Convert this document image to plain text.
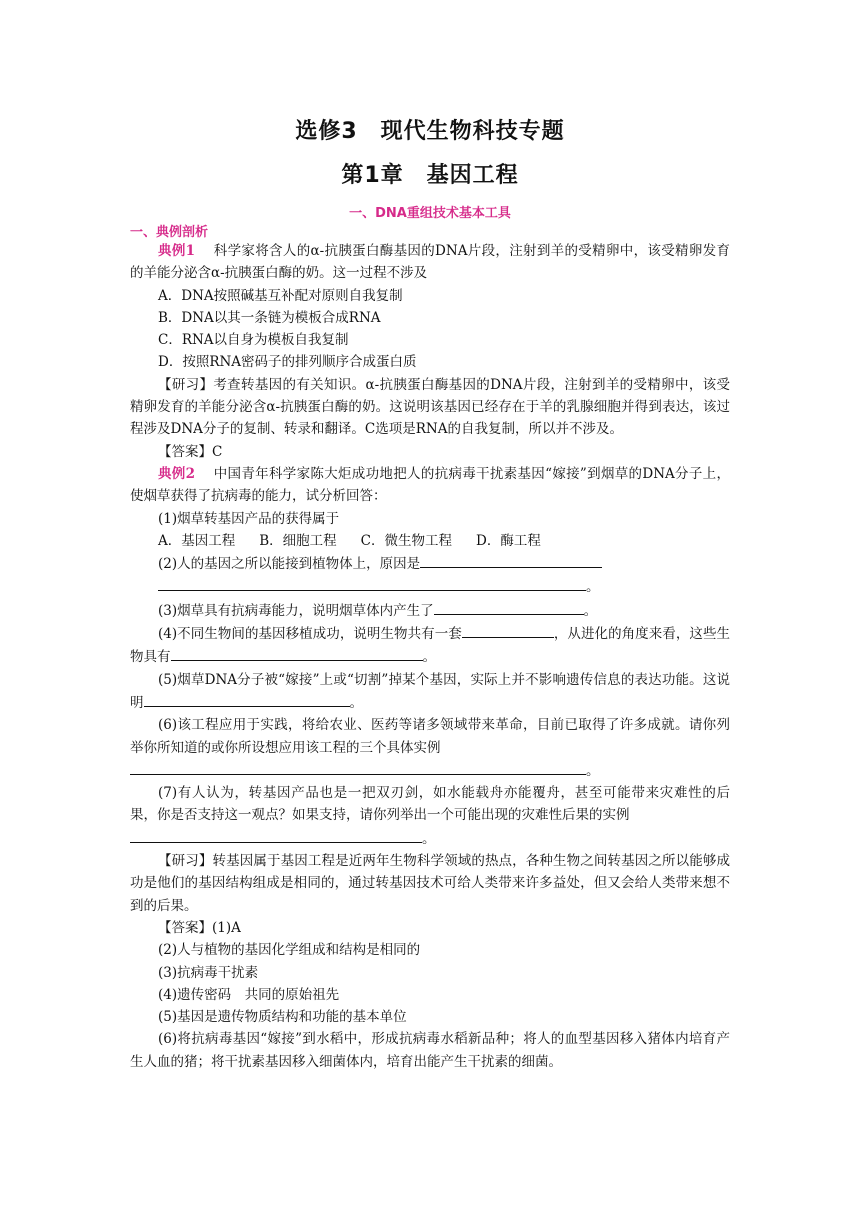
选修3　现代生物科技专题
第1章　基因工程
一、DNA重组技术基本工具
一、典例剖析

典例1　 科学家将含人的α-抗胰蛋白酶基因的DNA片段，注射到羊的受精卵中，该受精卵发育的羊能分泌含α-抗胰蛋白酶的奶。这一过程不涉及

A．DNA按照碱基互补配对原则自我复制

B．DNA以其一条链为模板合成RNA

C．RNA以自身为模板自我复制

D．按照RNA密码子的排列顺序合成蛋白质

【研习】考查转基因的有关知识。α-抗胰蛋白酶基因的DNA片段，注射到羊的受精卵中，该受精卵发育的羊能分泌含α-抗胰蛋白酶的奶。这说明该基因已经存在于羊的乳腺细胞并得到表达，该过程涉及DNA分子的复制、转录和翻译。C选项是RNA的自我复制，所以并不涉及。

【答案】C

典例2　 中国青年科学家陈大炬成功地把人的抗病毒干扰素基因“嫁接”到烟草的DNA分子上，使烟草获得了抗病毒的能力，试分析回答：

(1)烟草转基因产品的获得属于

A．基因工程 B．细胞工程 C．微生物工程 D．酶工程

(2)人的基因之所以能接到植物体上，原因是

。

(3)烟草具有抗病毒能力，说明烟草体内产生了	。

(4)不同生物间的基因移植成功，说明生物共有一套	，从进化的角度来看，这些生物具有	。

(5)烟草DNA分子被“嫁接”上或“切割”掉某个基因，实际上并不影响遗传信息的表达功能。这说明	。

(6)该工程应用于实践，将给农业、医药等诸多领域带来革命，目前已取得了许多成就。请你列举你所知道的或你所设想应用该工程的三个具体实例

。

(7)有人认为，转基因产品也是一把双刃剑，如水能载舟亦能覆舟，甚至可能带来灾难性的后果，你是否支持这一观点？如果支持，请你列举出一个可能出现的灾难性后果的实例

。

【研习】转基因属于基因工程是近两年生物科学领域的热点，各种生物之间转基因之所以能够成功是他们的基因结构组成是相同的，通过转基因技术可给人类带来许多益处，但又会给人类带来想不到的后果。

【答案】(1)A

(2)人与植物的基因化学组成和结构是相同的

(3)抗病毒干扰素

(4)遗传密码　共同的原始祖先

(5)基因是遗传物质结构和功能的基本单位

(6)将抗病毒基因“嫁接”到水稻中，形成抗病毒水稻新品种；将人的血型基因移入猪体内培育产生人血的猪；将干扰素基因移入细菌体内，培育出能产生干扰素的细菌。
